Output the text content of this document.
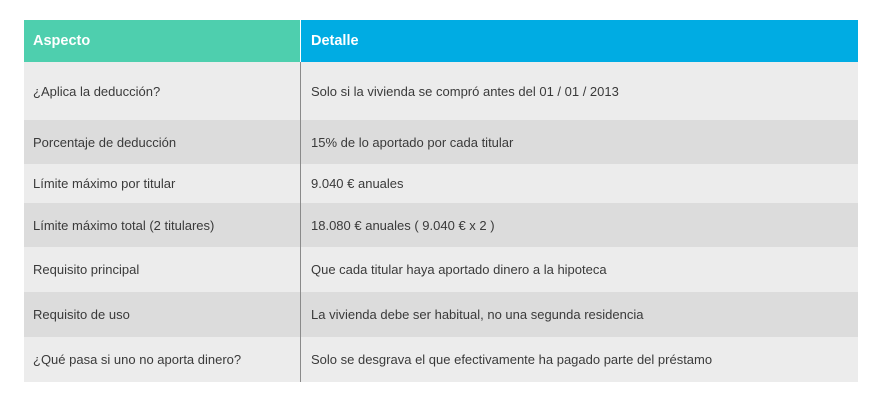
Aspecto	Detalle
¿Aplica la deducción?	Solo si la vivienda se compró antes del 01 / 01 / 2013
Porcentaje de deducción	15% de lo aportado por cada titular
Límite máximo por titular	9.040 € anuales
Límite máximo total (2 titulares)	18.080 € anuales ( 9.040 € x 2 )
Requisito principal	Que cada titular haya aportado dinero a la hipoteca
Requisito de uso	La vivienda debe ser habitual, no una segunda residencia
¿Qué pasa si uno no aporta dinero?	Solo se desgrava el que efectivamente ha pagado parte del préstamo
